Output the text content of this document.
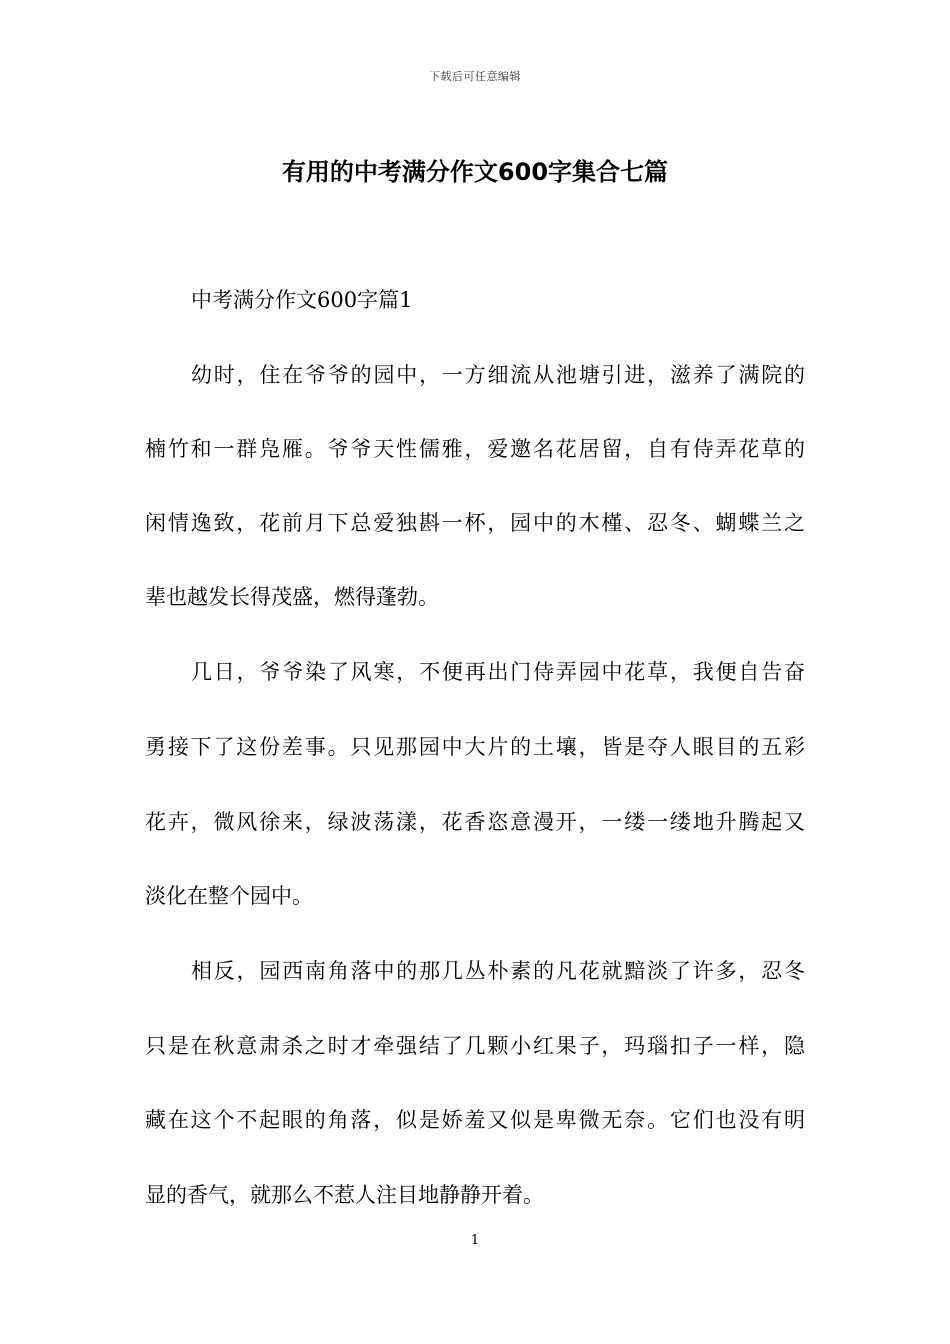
下载后可任意编辑
有用的中考满分作文600字集合七篇

中考满分作文600字篇1

幼时，住在爷爷的园中，一方细流从池塘引进，滋养了满院的

楠竹和一群凫雁。爷爷天性儒雅，爱邀名花居留，自有侍弄花草的

闲情逸致，花前月下总爱独斟一杯，园中的木槿、忍冬、蝴蝶兰之

辈也越发长得茂盛，燃得蓬勃。

几日，爷爷染了风寒，不便再出门侍弄园中花草，我便自告奋

勇接下了这份差事。只见那园中大片的土壤，皆是夺人眼目的五彩

花卉，微风徐来，绿波荡漾，花香恣意漫开，一缕一缕地升腾起又

淡化在整个园中。

相反，园西南角落中的那几丛朴素的凡花就黯淡了许多，忍冬

只是在秋意肃杀之时才牵强结了几颗小红果子，玛瑙扣子一样，隐

藏在这个不起眼的角落，似是娇羞又似是卑微无奈。它们也没有明

显的香气，就那么不惹人注目地静静开着。

1
